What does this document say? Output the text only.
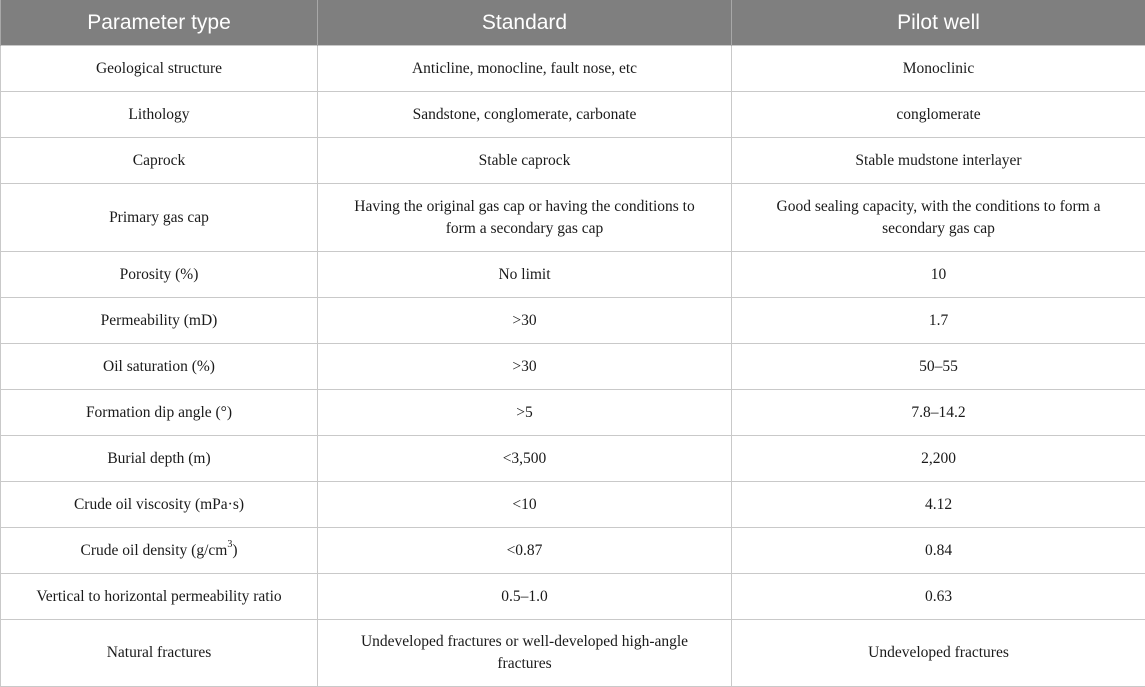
Parameter type	Standard	Pilot well
Geological structure	Anticline, monocline, fault nose, etc	Monoclinic
Lithology	Sandstone, conglomerate, carbonate	conglomerate
Caprock	Stable caprock	Stable mudstone interlayer
Primary gas cap	Having the original gas cap or having the conditions to form a secondary gas cap	Good sealing capacity, with the conditions to form a secondary gas cap
Porosity (%)	No limit	10
Permeability (mD)	>30	1.7
Oil saturation (%)	>30	50–55
Formation dip angle (°)	>5	7.8–14.2
Burial depth (m)	<3,500	2,200
Crude oil viscosity (mPa·s)	<10	4.12
Crude oil density $(g/cm^3)$	<0.87	0.84
Vertical to horizontal permeability ratio	0.5–1.0	0.63
Natural fractures	Undeveloped fractures or well-developed high-angle fractures	Undeveloped fractures
